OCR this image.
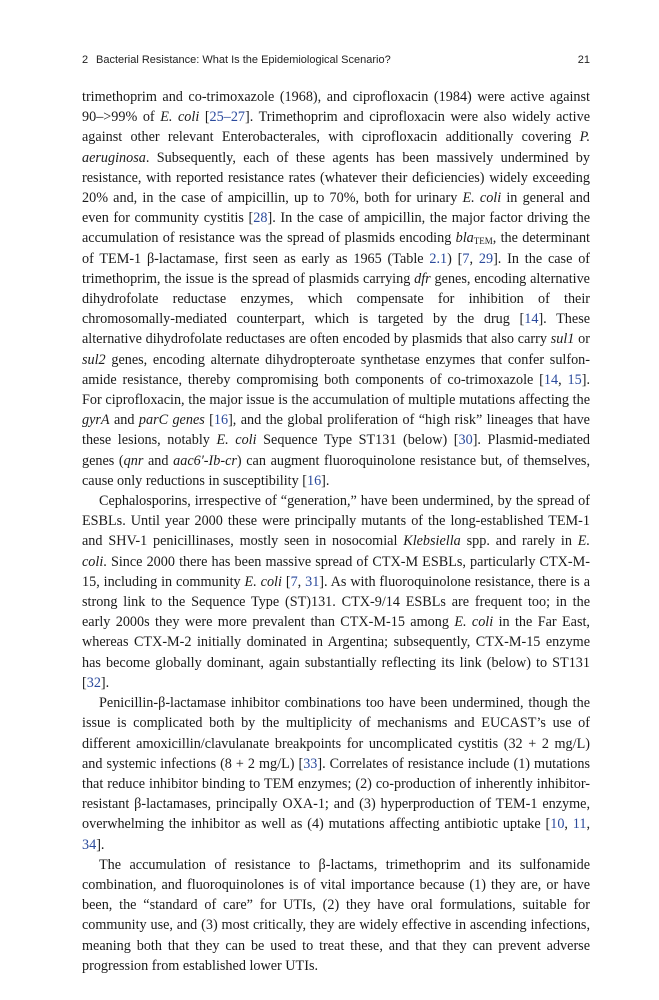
2 Bacterial Resistance: What Is the Epidemiological Scenario?	21

trimethoprim and co-trimoxazole (1968), and ciprofloxacin (1984) were active against 90–>99% of E. coli [25–27]. Trimethoprim and ciprofloxacin were also widely active against other relevant Enterobacterales, with ciprofloxacin additionally covering P. aeruginosa. Subsequently, each of these agents has been massively undermined by resistance, with reported resistance rates (whatever their deficiencies) widely exceeding 20% and, in the case of ampicillin, up to 70%, both for urinary E. coli in general and even for community cystitis [28]. In the case of ampicillin, the major factor driving the accumulation of resistance was the spread of plasmids encoding bla$_{TEM}$, the determinant of TEM-1 β-lactamase, first seen as early as 1965 (Table 2.1) [7, 29]. In the case of trimethoprim, the issue is the spread of plasmids carrying dfr genes, encoding alternative dihydrofolate reductase enzymes, which compensate for inhibition of their chromosomally-mediated counterpart, which is targeted by the drug [14]. These alternative dihydrofolate reductases are often encoded by plasmids that also carry sul1 or sul2 genes, encoding alternate dihydropteroate synthetase enzymes that confer sulfonamide resistance, thereby compromising both components of co-trimoxazole [14, 15]. For ciprofloxacin, the major issue is the accumulation of multiple mutations affecting the gyrA and parC genes [16], and the global proliferation of “high risk” lineages that have these lesions, notably E. coli Sequence Type ST131 (below) [30]. Plasmid-mediated genes (qnr and aac6′-Ib-cr) can augment fluoroquinolone resistance but, of themselves, cause only reductions in susceptibility [16].

Cephalosporins, irrespective of “generation,” have been undermined, by the spread of ESBLs. Until year 2000 these were principally mutants of the long-established TEM-1 and SHV-1 penicillinases, mostly seen in nosocomial Klebsiella spp. and rarely in E. coli. Since 2000 there has been massive spread of CTX-M ESBLs, particularly CTX-M-15, including in community E. coli [7, 31]. As with fluoroquinolone resistance, there is a strong link to the Sequence Type (ST)131. CTX-9/14 ESBLs are frequent too; in the early 2000s they were more prevalent than CTX-M-15 among E. coli in the Far East, whereas CTX-M-2 initially dominated in Argentina; subsequently, CTX-M-15 enzyme has become globally dominant, again substantially reflecting its link (below) to ST131 [32].

Penicillin-β-lactamase inhibitor combinations too have been undermined, though the issue is complicated both by the multiplicity of mechanisms and EUCAST’s use of different amoxicillin/clavulanate breakpoints for uncomplicated cystitis (32 + 2 mg/L) and systemic infections (8 + 2 mg/L) [33]. Correlates of resistance include (1) mutations that reduce inhibitor binding to TEM enzymes; (2) co-production of inherently inhibitor-resistant β-lactamases, principally OXA-1; and (3) hyperproduction of TEM-1 enzyme, overwhelming the inhibitor as well as (4) mutations affecting antibiotic uptake [10, 11, 34].

The accumulation of resistance to β-lactams, trimethoprim and its sulfonamide combination, and fluoroquinolones is of vital importance because (1) they are, or have been, the “standard of care” for UTIs, (2) they have oral formulations, suitable for community use, and (3) most critically, they are widely effective in ascending infections, meaning both that they can be used to treat these, and that they can prevent adverse progression from established lower UTIs.
